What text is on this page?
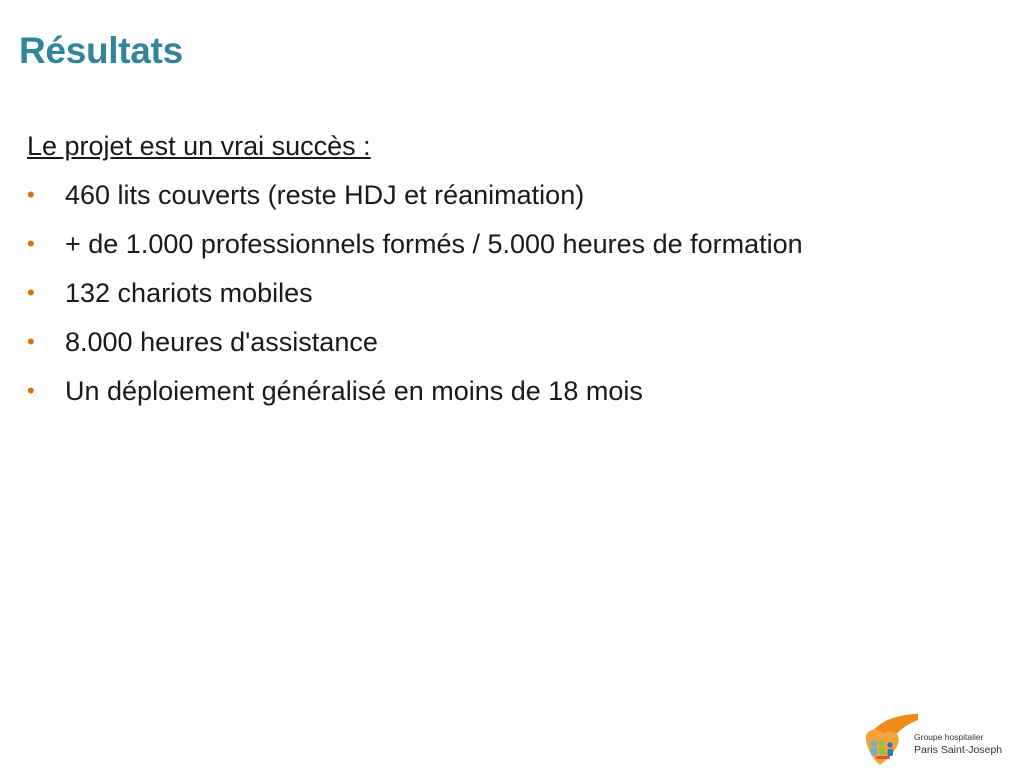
Résultats

Le projet est un vrai succès :

• 460 lits couverts (reste HDJ et réanimation)
• + de 1.000 professionnels formés / 5.000 heures de formation
• 132 chariots mobiles
• 8.000 heures d'assistance
• Un déploiement généralisé en moins de 18 mois
Groupe hospitalier
Paris Saint-Joseph
